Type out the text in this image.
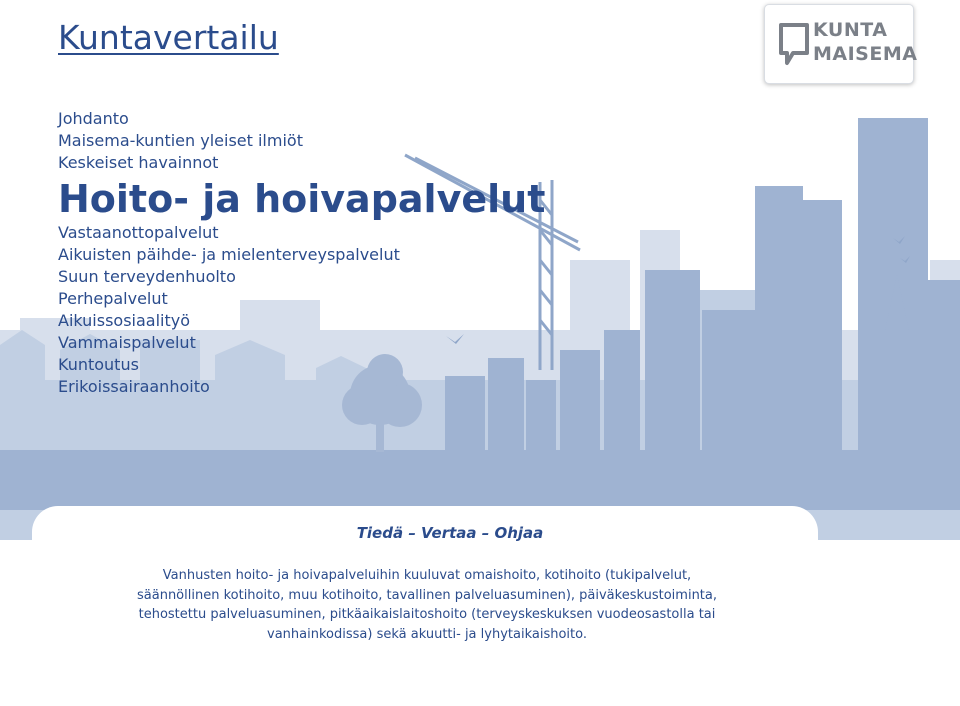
Kuntavertailu	KUNTA
MAISEMA
Johdanto
Maisema-kuntien yleiset ilmiöt
Keskeiset havainnot
Hoito- ja hoivapalvelut
Vastaanottopalvelut
Aikuisten päihde- ja mielenterveyspalvelut
Suun terveydenhuolto
Perhepalvelut
Aikuissosiaalityö
Vammaispalvelut
Kuntoutus
Erikoissairaanhoito

Tiedä – Vertaa – Ohjaa

Vanhusten hoito- ja hoivapalveluihin kuuluvat omaishoito, kotihoito (tukipalvelut,
säännöllinen kotihoito, muu kotihoito, tavallinen palveluasuminen), päiväkeskustoiminta,
tehostettu palveluasuminen, pitkäaikaislaitoshoito (terveyskeskuksen vuodeosastolla tai
vanhainkodissa) sekä akuutti- ja lyhytaikaishoito.
